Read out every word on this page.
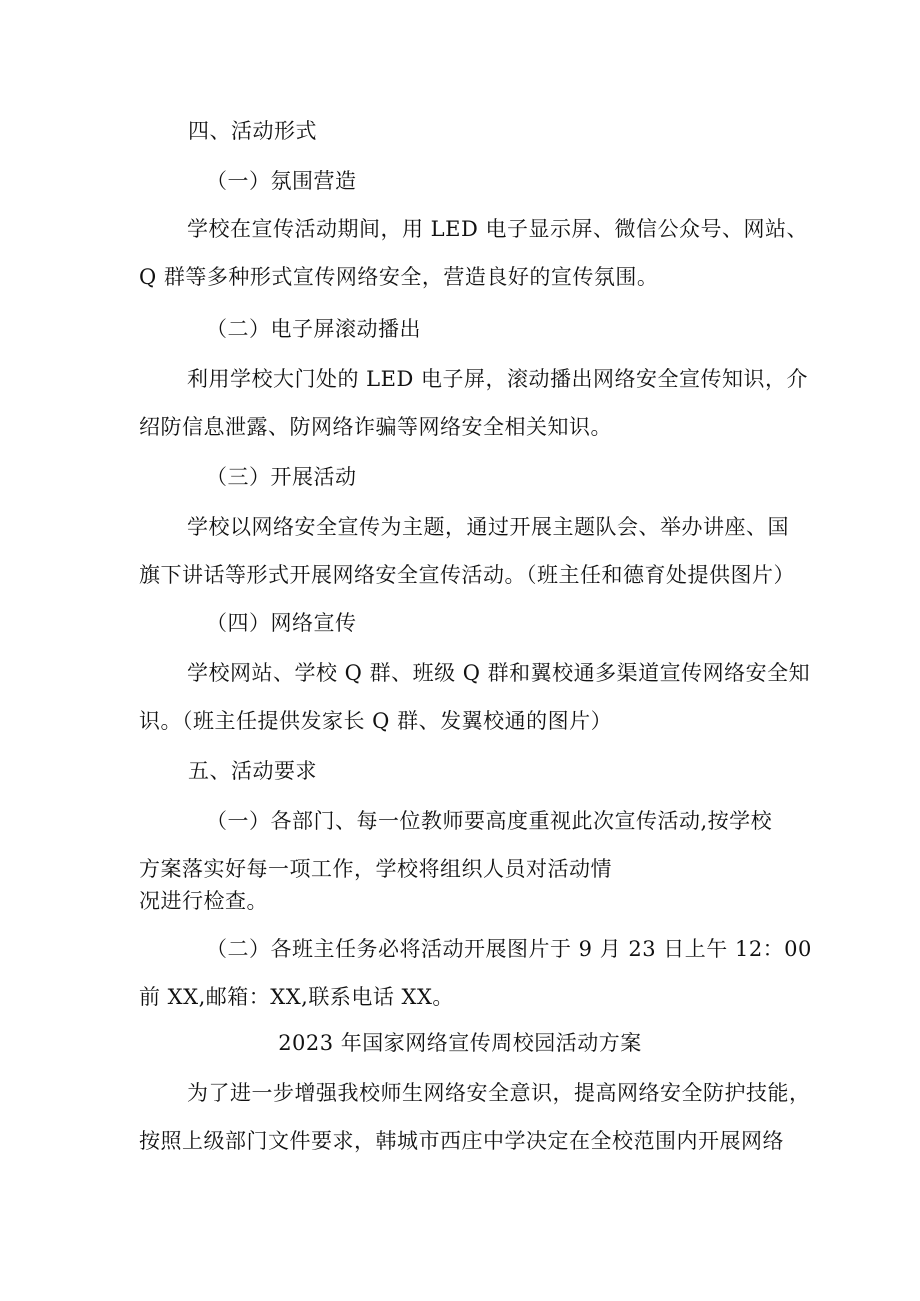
四、活动形式
（一）氛围营造
学校在宣传活动期间，用 LED 电子显示屏、微信公众号、网站、
Q 群等多种形式宣传网络安全，营造良好的宣传氛围。
（二）电子屏滚动播出
利用学校大门处的 LED 电子屏，滚动播出网络安全宣传知识，介
绍防信息泄露、防网络诈骗等网络安全相关知识。
（三）开展活动
学校以网络安全宣传为主题，通过开展主题队会、举办讲座、国
旗下讲话等形式开展网络安全宣传活动。（班主任和德育处提供图片）
（四）网络宣传
学校网站、学校 Q 群、班级 Q 群和翼校通多渠道宣传网络安全知
识。（班主任提供发家长 Q 群、发翼校通的图片）
五、活动要求
（一）各部门、每一位教师要高度重视此次宣传活动,按学校
方案落实好每一项工作，学校将组织人员对活动情
况进行检查。
（二）各班主任务必将活动开展图片于 9 月 23 日上午 12：00
前 XX,邮箱：XX,联系电话 XX。
2023 年国家网络宣传周校园活动方案
为了进一步增强我校师生网络安全意识，提高网络安全防护技能，
按照上级部门文件要求，韩城市西庄中学决定在全校范围内开展网络
